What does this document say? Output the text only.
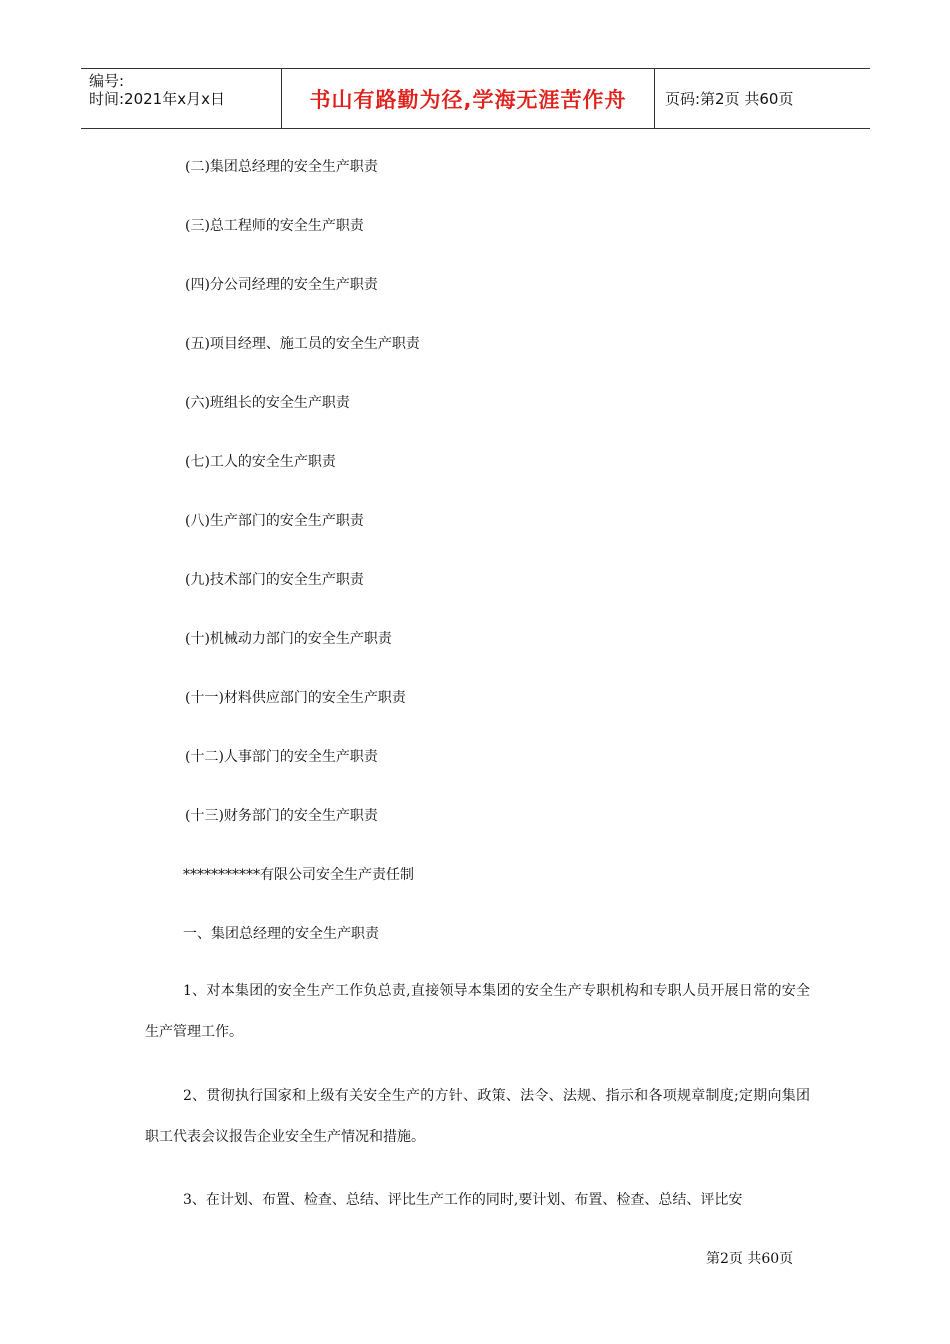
编号:
时间:2021年x月x日	书山有路勤为径,学海无涯苦作舟	页码:第2页 共60页
(二)集团总经理的安全生产职责
(三)总工程师的安全生产职责
(四)分公司经理的安全生产职责
(五)项目经理、施工员的安全生产职责
(六)班组长的安全生产职责
(七)工人的安全生产职责
(八)生产部门的安全生产职责
(九)技术部门的安全生产职责
(十)机械动力部门的安全生产职责
(十一)材料供应部门的安全生产职责
(十二)人事部门的安全生产职责
(十三)财务部门的安全生产职责
***********有限公司安全生产责任制
一、集团总经理的安全生产职责
1、对本集团的安全生产工作负总责,直接领导本集团的安全生产专职机构和专职人员开展日常的安全生产管理工作。
2、贯彻执行国家和上级有关安全生产的方针、政策、法令、法规、指示和各项规章制度;定期向集团职工代表会议报告企业安全生产情况和措施。
3、在计划、布置、检查、总结、评比生产工作的同时,要计划、布置、检查、总结、评比安
第2页 共60页
